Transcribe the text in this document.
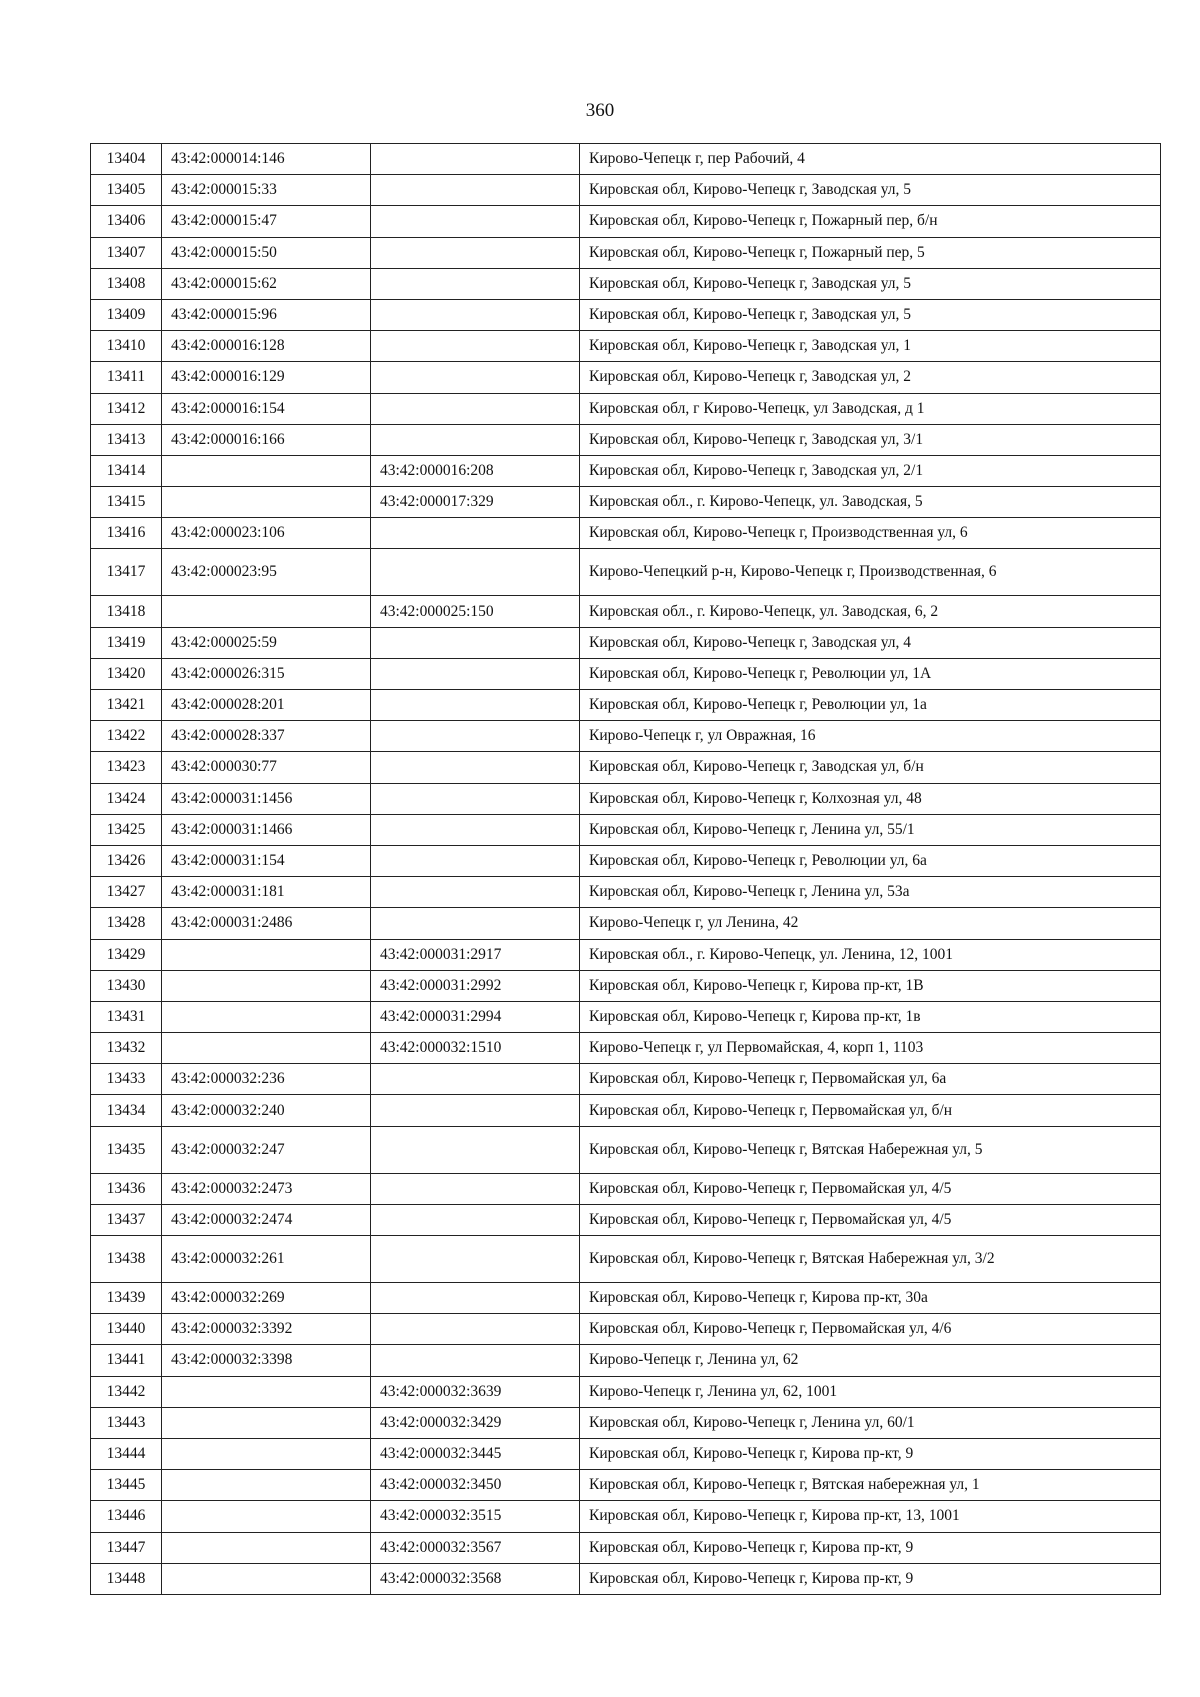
360
13404	43:42:000014:146		Кирово-Чепецк г, пер Рабочий, 4
13405	43:42:000015:33		Кировская обл, Кирово-Чепецк г, Заводская ул, 5
13406	43:42:000015:47		Кировская обл, Кирово-Чепецк г, Пожарный пер, б/н
13407	43:42:000015:50		Кировская обл, Кирово-Чепецк г, Пожарный пер, 5
13408	43:42:000015:62		Кировская обл, Кирово-Чепецк г, Заводская ул, 5
13409	43:42:000015:96		Кировская обл, Кирово-Чепецк г, Заводская ул, 5
13410	43:42:000016:128		Кировская обл, Кирово-Чепецк г, Заводская ул, 1
13411	43:42:000016:129		Кировская обл, Кирово-Чепецк г, Заводская ул, 2
13412	43:42:000016:154		Кировская обл, г Кирово-Чепецк, ул Заводская, д 1
13413	43:42:000016:166		Кировская обл, Кирово-Чепецк г, Заводская ул, 3/1
13414		43:42:000016:208	Кировская обл, Кирово-Чепецк г, Заводская ул, 2/1
13415		43:42:000017:329	Кировская обл., г. Кирово-Чепецк, ул. Заводская, 5
13416	43:42:000023:106		Кировская обл, Кирово-Чепецк г, Производственная ул, 6
13417	43:42:000023:95		Кирово-Чепецкий р-н, Кирово-Чепецк г, Производственная, 6
13418		43:42:000025:150	Кировская обл., г. Кирово-Чепецк, ул. Заводская, 6, 2
13419	43:42:000025:59		Кировская обл, Кирово-Чепецк г, Заводская ул, 4
13420	43:42:000026:315		Кировская обл, Кирово-Чепецк г, Революции ул, 1А
13421	43:42:000028:201		Кировская обл, Кирово-Чепецк г, Революции ул, 1а
13422	43:42:000028:337		Кирово-Чепецк г, ул Овражная, 16
13423	43:42:000030:77		Кировская обл, Кирово-Чепецк г, Заводская ул, б/н
13424	43:42:000031:1456		Кировская обл, Кирово-Чепецк г, Колхозная ул, 48
13425	43:42:000031:1466		Кировская обл, Кирово-Чепецк г, Ленина ул, 55/1
13426	43:42:000031:154		Кировская обл, Кирово-Чепецк г, Революции ул, 6а
13427	43:42:000031:181		Кировская обл, Кирово-Чепецк г, Ленина ул, 53а
13428	43:42:000031:2486		Кирово-Чепецк г, ул Ленина, 42
13429		43:42:000031:2917	Кировская обл., г. Кирово-Чепецк, ул. Ленина, 12, 1001
13430		43:42:000031:2992	Кировская обл, Кирово-Чепецк г, Кирова пр-кт, 1В
13431		43:42:000031:2994	Кировская обл, Кирово-Чепецк г, Кирова пр-кт, 1в
13432		43:42:000032:1510	Кирово-Чепецк г, ул Первомайская, 4, корп 1, 1103
13433	43:42:000032:236		Кировская обл, Кирово-Чепецк г, Первомайская ул, 6а
13434	43:42:000032:240		Кировская обл, Кирово-Чепецк г, Первомайская ул, б/н
13435	43:42:000032:247		Кировская обл, Кирово-Чепецк г, Вятская Набережная ул, 5
13436	43:42:000032:2473		Кировская обл, Кирово-Чепецк г, Первомайская ул, 4/5
13437	43:42:000032:2474		Кировская обл, Кирово-Чепецк г, Первомайская ул, 4/5
13438	43:42:000032:261		Кировская обл, Кирово-Чепецк г, Вятская Набережная ул, 3/2
13439	43:42:000032:269		Кировская обл, Кирово-Чепецк г, Кирова пр-кт, 30а
13440	43:42:000032:3392		Кировская обл, Кирово-Чепецк г, Первомайская ул, 4/6
13441	43:42:000032:3398		Кирово-Чепецк г, Ленина ул, 62
13442		43:42:000032:3639	Кирово-Чепецк г, Ленина ул, 62, 1001
13443		43:42:000032:3429	Кировская обл, Кирово-Чепецк г, Ленина ул, 60/1
13444		43:42:000032:3445	Кировская обл, Кирово-Чепецк г, Кирова пр-кт, 9
13445		43:42:000032:3450	Кировская обл, Кирово-Чепецк г, Вятская набережная ул, 1
13446		43:42:000032:3515	Кировская обл, Кирово-Чепецк г, Кирова пр-кт, 13, 1001
13447		43:42:000032:3567	Кировская обл, Кирово-Чепецк г, Кирова пр-кт, 9
13448		43:42:000032:3568	Кировская обл, Кирово-Чепецк г, Кирова пр-кт, 9
